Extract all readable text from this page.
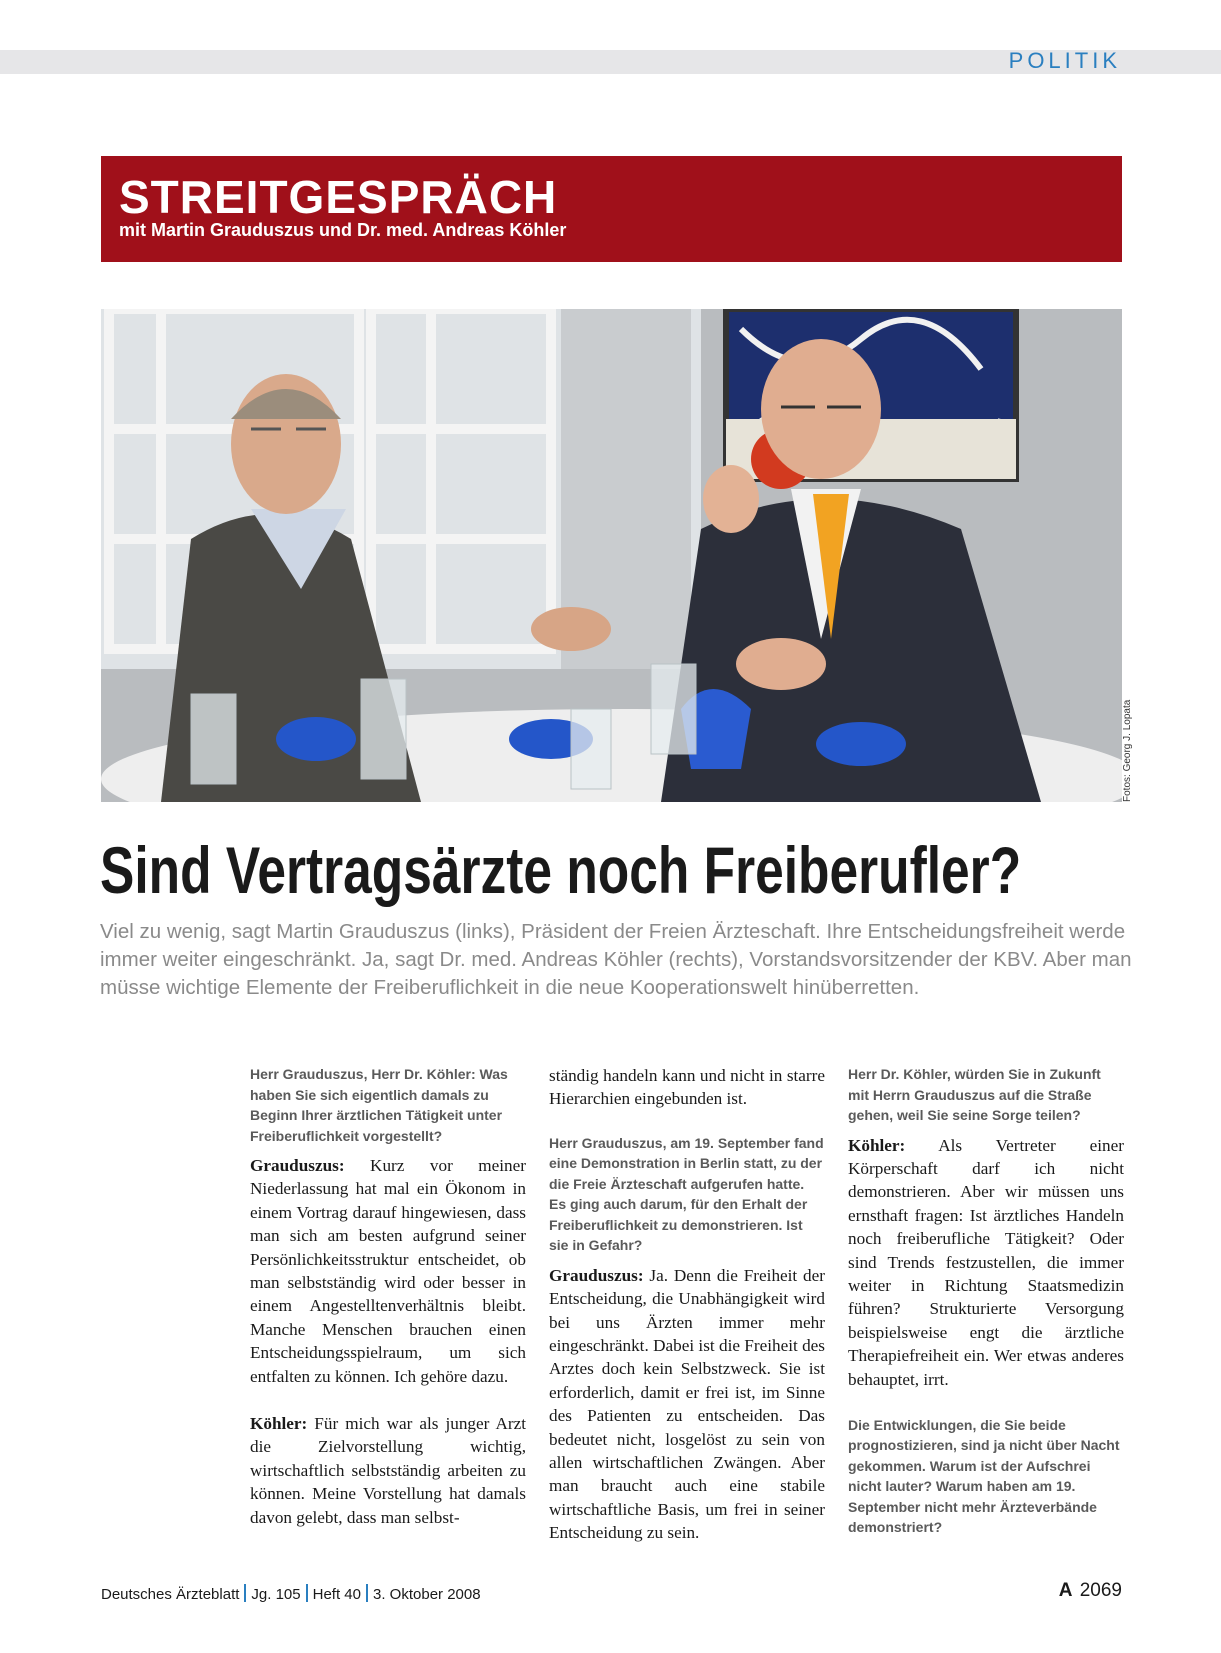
POLITIK
STREITGESPRÄCH
mit Martin Grauduszus und Dr. med. Andreas Köhler
Fotos: Georg J. Lopata
Sind Vertragsärzte noch Freiberufler?
Viel zu wenig, sagt Martin Grauduszus (links), Präsident der Freien Ärzteschaft. Ihre Entscheidungsfreiheit werde immer weiter eingeschränkt. Ja, sagt Dr. med. Andreas Köhler (rechts), Vorstandsvorsitzender der KBV. Aber man müsse wichtige Elemente der Freiberuflichkeit in die neue Kooperationswelt hinüberretten.
Herr Grauduszus, Herr Dr. Köhler: Was haben Sie sich eigentlich damals zu Beginn Ihrer ärztlichen Tätigkeit unter Freiberuflichkeit vorgestellt?

Grauduszus: Kurz vor meiner Niederlassung hat mal ein Ökonom in einem Vortrag darauf hingewiesen, dass man sich am besten aufgrund seiner Persönlichkeitsstruktur entscheidet, ob man selbstständig wird oder besser in einem Angestelltenverhältnis bleibt. Manche Menschen brauchen einen Entscheidungsspielraum, um sich entfalten zu können. Ich gehöre dazu.

Köhler: Für mich war als junger Arzt die Zielvorstellung wichtig, wirtschaftlich selbstständig arbeiten zu können. Meine Vorstellung hat damals davon gelebt, dass man selbst-

ständig handeln kann und nicht in starre Hierarchien eingebunden ist.

Herr Grauduszus, am 19. September fand eine Demonstration in Berlin statt, zu der die Freie Ärzteschaft aufgerufen hatte. Es ging auch darum, für den Erhalt der Freiberuflichkeit zu demonstrieren. Ist sie in Gefahr?

Grauduszus: Ja. Denn die Freiheit der Entscheidung, die Unabhängigkeit wird bei uns Ärzten immer mehr eingeschränkt. Dabei ist die Freiheit des Arztes doch kein Selbstzweck. Sie ist erforderlich, damit er frei ist, im Sinne des Patienten zu entscheiden. Das bedeutet nicht, losgelöst zu sein von allen wirtschaftlichen Zwängen. Aber man braucht auch eine stabile wirtschaftliche Basis, um frei in seiner Entscheidung zu sein.

Herr Dr. Köhler, würden Sie in Zukunft mit Herrn Grauduszus auf die Straße gehen, weil Sie seine Sorge teilen?

Köhler: Als Vertreter einer Körperschaft darf ich nicht demonstrieren. Aber wir müssen uns ernsthaft fragen: Ist ärztliches Handeln noch freiberufliche Tätigkeit? Oder sind Trends festzustellen, die immer weiter in Richtung Staatsmedizin führen? Strukturierte Versorgung beispielsweise engt die ärztliche Therapiefreiheit ein. Wer etwas anderes behauptet, irrt.

Die Entwicklungen, die Sie beide prognostizieren, sind ja nicht über Nacht gekommen. Warum ist der Aufschrei nicht lauter? Warum haben am 19. September nicht mehr Ärzteverbände demonstriert?
Deutsches Ärzteblatt Jg. 105 Heft 40 3. Oktober 2008	A 2069
